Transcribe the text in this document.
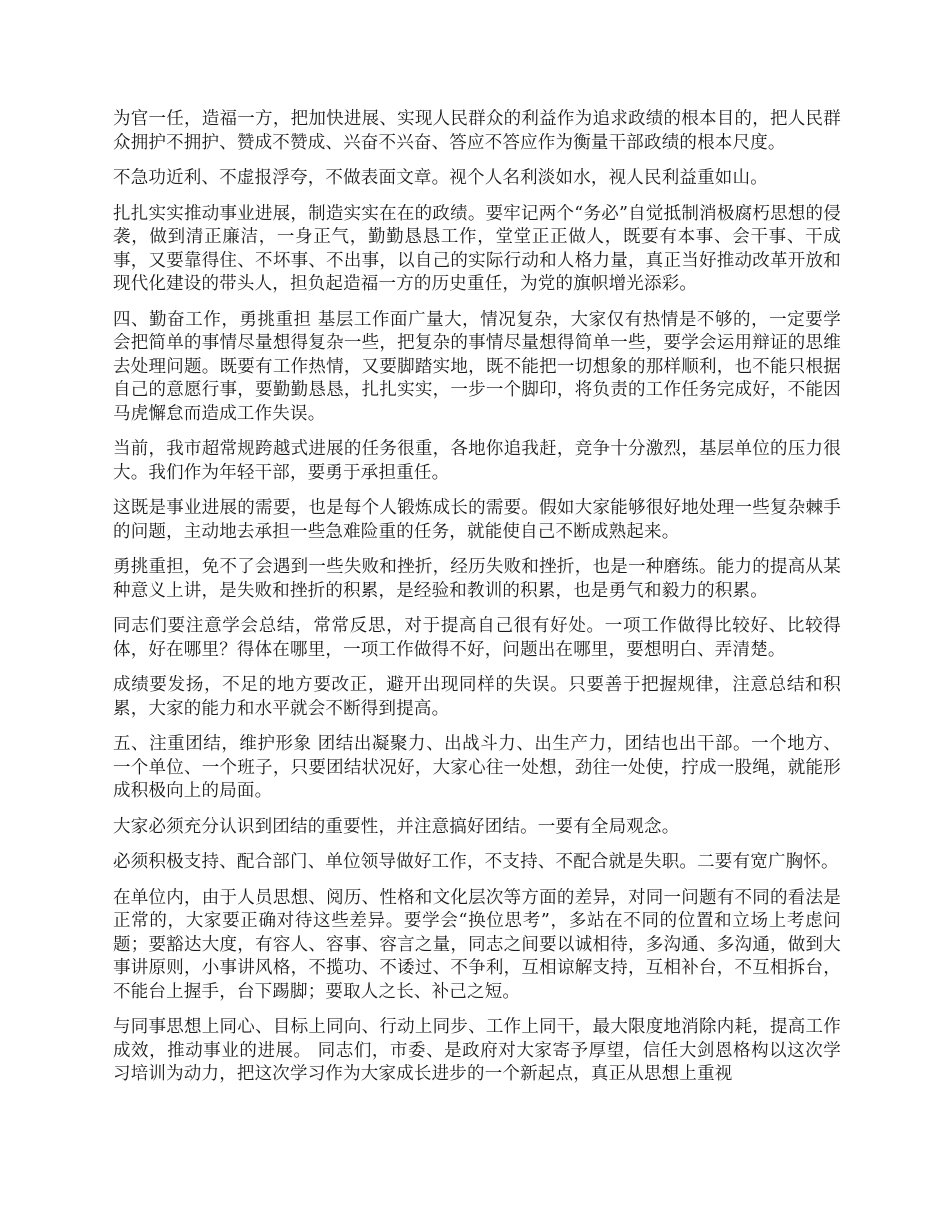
为官一任，造福一方，把加快进展、实现人民群众的利益作为追求政绩的根本目的，把人民群众拥护不拥护、赞成不赞成、兴奋不兴奋、答应不答应作为衡量干部政绩的根本尺度。

不急功近利、不虚报浮夸，不做表面文章。视个人名利淡如水，视人民利益重如山。

扎扎实实推动事业进展，制造实实在在的政绩。要牢记两个“务必”自觉抵制消极腐朽思想的侵袭，做到清正廉洁，一身正气，勤勤恳恳工作，堂堂正正做人，既要有本事、会干事、干成事，又要靠得住、不坏事、不出事，以自己的实际行动和人格力量，真正当好推动改革开放和现代化建设的带头人，担负起造福一方的历史重任，为党的旗帜增光添彩。

四、勤奋工作，勇挑重担 基层工作面广量大，情况复杂，大家仅有热情是不够的，一定要学会把简单的事情尽量想得复杂一些，把复杂的事情尽量想得简单一些，要学会运用辩证的思维去处理问题。既要有工作热情，又要脚踏实地，既不能把一切想象的那样顺利，也不能只根据自己的意愿行事，要勤勤恳恳，扎扎实实，一步一个脚印，将负责的工作任务完成好，不能因马虎懈怠而造成工作失误。

当前，我市超常规跨越式进展的任务很重，各地你追我赶，竞争十分激烈，基层单位的压力很大。我们作为年轻干部，要勇于承担重任。

这既是事业进展的需要，也是每个人锻炼成长的需要。假如大家能够很好地处理一些复杂棘手的问题，主动地去承担一些急难险重的任务，就能使自己不断成熟起来。

勇挑重担，免不了会遇到一些失败和挫折，经历失败和挫折，也是一种磨练。能力的提高从某种意义上讲，是失败和挫折的积累，是经验和教训的积累，也是勇气和毅力的积累。

同志们要注意学会总结，常常反思，对于提高自己很有好处。一项工作做得比较好、比较得体，好在哪里？得体在哪里，一项工作做得不好，问题出在哪里，要想明白、弄清楚。

成绩要发扬，不足的地方要改正，避开出现同样的失误。只要善于把握规律，注意总结和积累，大家的能力和水平就会不断得到提高。

五、注重团结，维护形象 团结出凝聚力、出战斗力、出生产力，团结也出干部。一个地方、一个单位、一个班子，只要团结状况好，大家心往一处想，劲往一处使，拧成一股绳，就能形成积极向上的局面。

大家必须充分认识到团结的重要性，并注意搞好团结。一要有全局观念。

必须积极支持、配合部门、单位领导做好工作，不支持、不配合就是失职。二要有宽广胸怀。

在单位内，由于人员思想、阅历、性格和文化层次等方面的差异，对同一问题有不同的看法是正常的，大家要正确对待这些差异。要学会“换位思考”，多站在不同的位置和立场上考虑问题；要豁达大度，有容人、容事、容言之量，同志之间要以诚相待，多沟通、多沟通，做到大事讲原则，小事讲风格，不揽功、不诿过、不争利，互相谅解支持，互相补台，不互相拆台，不能台上握手，台下踢脚；要取人之长、补己之短。

与同事思想上同心、目标上同向、行动上同步、工作上同干，最大限度地消除内耗，提高工作成效，推动事业的进展。 同志们，市委、是政府对大家寄予厚望，信任大剑恩格构以这次学习培训为动力，把这次学习作为大家成长进步的一个新起点，真正从思想上重视
